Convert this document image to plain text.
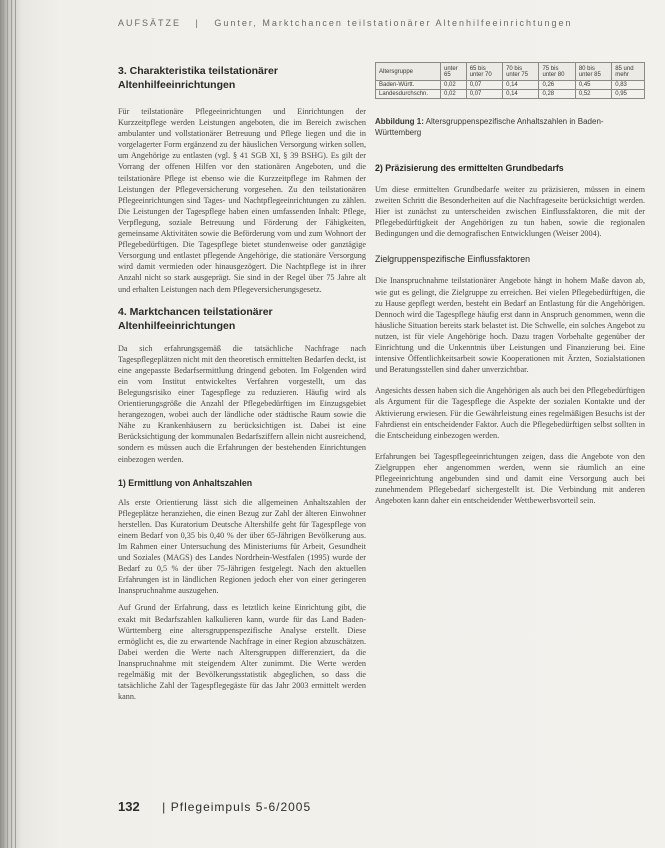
AUFSÄTZE | Gunter, Marktchancen teilstationärer Altenhilfeeinrichtungen
3. Charakteristika teilstationärer Altenhilfeeinrichtungen

Für teilstationäre Pflegeeinrichtungen und Einrichtungen der Kurzzeitpflege werden Leistungen angeboten, die im Bereich zwischen ambulanter und vollstationärer Betreuung und Pflege liegen und die in vorgelagerter Form ergänzend zu der häuslichen Versorgung wirken sollen, um Angehörige zu entlasten (vgl. § 41 SGB XI, § 39 BSHG). Es gilt der Vorrang der offenen Hilfen vor den stationären Angeboten, und die teilstationäre Pflege ist ebenso wie die Kurzzeitpflege im Rahmen der Leistungen der Pflegeversicherung vorgesehen. Zu den teilstationären Pflegeeinrichtungen sind Tages- und Nachtpflegeeinrichtungen zu zählen. Die Leistungen der Tagespflege haben einen umfassenden Inhalt: Pflege, Verpflegung, soziale Betreuung und Förderung der Fähigkeiten, gemeinsame Aktivitäten sowie die Beförderung vom und zum Wohnort der Pflegebedürftigen. Die Tagespflege bietet stundenweise oder ganztägige Versorgung und entlastet pflegende Angehörige, die stationäre Versorgung wird damit vermieden oder hinausgezögert. Die Nachtpflege ist in ihrer Anzahl nicht so stark ausgeprägt. Sie sind in der Regel über 75 Jahre alt und erhalten Leistungen nach dem Pflegeversicherungsgesetz.

4. Marktchancen teilstationärer Altenhilfeeinrichtungen

Da sich erfahrungsgemäß die tatsächliche Nachfrage nach Tagespflegeplätzen nicht mit den theoretisch ermittelten Bedarfen deckt, ist eine angepasste Bedarfsermittlung dringend geboten. Im Folgenden wird ein vom Institut entwickeltes Verfahren vorgestellt, um das Belegungsrisiko einer Tagespflege zu reduzieren. Häufig wird als Orientierungsgröße die Anzahl der Pflegebedürftigen im Einzugsgebiet herangezogen, wobei auch der ländliche oder städtische Raum sowie die Nähe zu Krankenhäusern zu berücksichtigen ist. Dabei ist eine Berücksichtigung der kommunalen Bedarfsziffern allein nicht ausreichend, sondern es müssen auch die Erfahrungen der bestehenden Einrichtungen einbezogen werden.

1) Ermittlung von Anhaltszahlen

Als erste Orientierung lässt sich die allgemeinen Anhaltszahlen der Pflegeplätze heranziehen, die einen Bezug zur Zahl der älteren Einwohner herstellen. Das Kuratorium Deutsche Altershilfe geht für Tagespflege von einem Bedarf von 0,35 bis 0,40 % der über 65-Jährigen Bevölkerung aus. Im Rahmen einer Untersuchung des Ministeriums für Arbeit, Gesundheit und Soziales (MAGS) des Landes Nordrhein-Westfalen (1995) wurde der Bedarf zu 0,5 % der über 75-Jährigen festgelegt. Nach den aktuellen Erfahrungen ist in ländlichen Regionen jedoch eher von einer geringeren Inanspruchnahme auszugehen.

Auf Grund der Erfahrung, dass es letztlich keine Einrichtung gibt, die exakt mit Bedarfszahlen kalkulieren kann, wurde für das Land Baden-Württemberg eine altersgruppenspezifische Analyse erstellt. Diese ermöglicht es, die zu erwartende Nachfrage in einer Region abzuschätzen. Dabei werden die Werte nach Altersgruppen differenziert, da die Inanspruchnahme mit steigendem Alter zunimmt. Die Werte werden regelmäßig mit der Bevölkerungsstatistik abgeglichen, so dass die tatsächliche Zahl der Tagespflegegäste für das Jahr 2003 ermittelt werden kann.

Altersgruppe	unter 65	65 bis unter 70	70 bis unter 75	75 bis unter 80	80 bis unter 85	85 und mehr
Baden-Württ.	0,02	0,07	0,14	0,26	0,45	0,83
Landesdurchschn.	0,02	0,07	0,14	0,28	0,52	0,95
Abbildung 1: Altersgruppenspezifische Anhaltszahlen in Baden-Württemberg
2) Präzisierung des ermittelten Grundbedarfs

Um diese ermittelten Grundbedarfe weiter zu präzisieren, müssen in einem zweiten Schritt die Besonderheiten auf die Nachfrageseite berücksichtigt werden. Hier ist zunächst zu unterscheiden zwischen Einflussfaktoren, die mit der Pflegebedürftigkeit der Angehörigen zu tun haben, sowie die regionalen Bedingungen und die demografischen Entwicklungen (Weiser 2004).

Zielgruppenspezifische Einflussfaktoren

Die Inanspruchnahme teilstationärer Angebote hängt in hohem Maße davon ab, wie gut es gelingt, die Zielgruppe zu erreichen. Bei vielen Pflegebedürftigen, die zu Hause gepflegt werden, besteht ein Bedarf an Entlastung für die Angehörigen. Dennoch wird die Tagespflege häufig erst dann in Anspruch genommen, wenn die häusliche Situation bereits stark belastet ist. Die Schwelle, ein solches Angebot zu nutzen, ist für viele Angehörige hoch. Dazu tragen Vorbehalte gegenüber der Einrichtung und die Unkenntnis über Leistungen und Finanzierung bei. Eine intensive Öffentlichkeitsarbeit sowie Kooperationen mit Ärzten, Sozialstationen und Beratungsstellen sind daher unverzichtbar.

Angesichts dessen haben sich die Angehörigen als auch bei den Pflegebedürftigen als Argument für die Tagespflege die Aspekte der sozialen Kontakte und der Aktivierung erwiesen. Für die Gewährleistung eines regelmäßigen Besuchs ist der Fahrdienst ein entscheidender Faktor. Auch die Pflegebedürftigen selbst sollten in die Entscheidung einbezogen werden.

Erfahrungen bei Tagespflegeeinrichtungen zeigen, dass die Angebote von den Zielgruppen eher angenommen werden, wenn sie räumlich an eine Pflegeeinrichtung angebunden sind und damit eine Versorgung auch bei zunehmendem Pflegebedarf sichergestellt ist. Die Verbindung mit anderen Angeboten kann daher ein entscheidender Wettbewerbsvorteil sein.

132 | Pflegeimpuls 5-6/2005
